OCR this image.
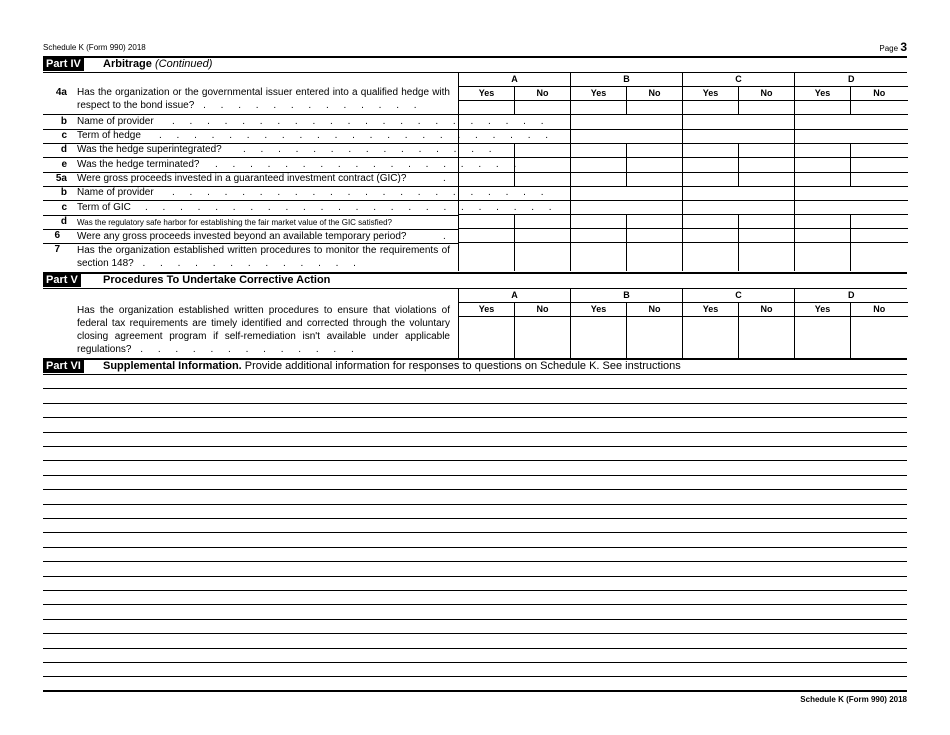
Schedule K (Form 990) 2018	Page 3
Part IV Arbitrage (Continued)
A		B		C		D	
Yes	No	Yes	No	Yes	No	Yes	No

4a Has the organization or the governmental issuer entered into a qualified hedge with respect to the bond issue? . . . . . . . . . . . . .
b Name of provider . . . . . . . . . . . . . . . . . . . . . .
c Term of hedge . . . . . . . . . . . . . . . . . . . . . . .
d Was the hedge superintegrated? . . . . . . . . . . . . . . .
e Was the hedge terminated? . . . . . . . . . . . . . . . . . .
5a Were gross proceeds invested in a guaranteed investment contract (GIC)?	.
b Name of provider . . . . . . . . . . . . . . . . . . . . . .
c Term of GIC . . . . . . . . . . . . . . . . . . . . . . . .
d Was the regulatory safe harbor for establishing the fair market value of the GIC satisfied?
6 Were any gross proceeds invested beyond an available temporary period?	.
7 Has the organization established written procedures to monitor the requirements of section 148? . . . . . . . . . . . . .
Part V Procedures To Undertake Corrective Action
A		B		C		D	
Yes	No	Yes	No	Yes	No	Yes	No

Has the organization established written procedures to ensure that violations of federal tax requirements are timely identified and corrected through the voluntary closing agreement program if self-remediation isn't available under applicable regulations? . . . . . . . . . . . . .
Part VI Supplemental Information. Provide additional information for responses to questions on Schedule K. See instructions
Schedule K (Form 990) 2018
